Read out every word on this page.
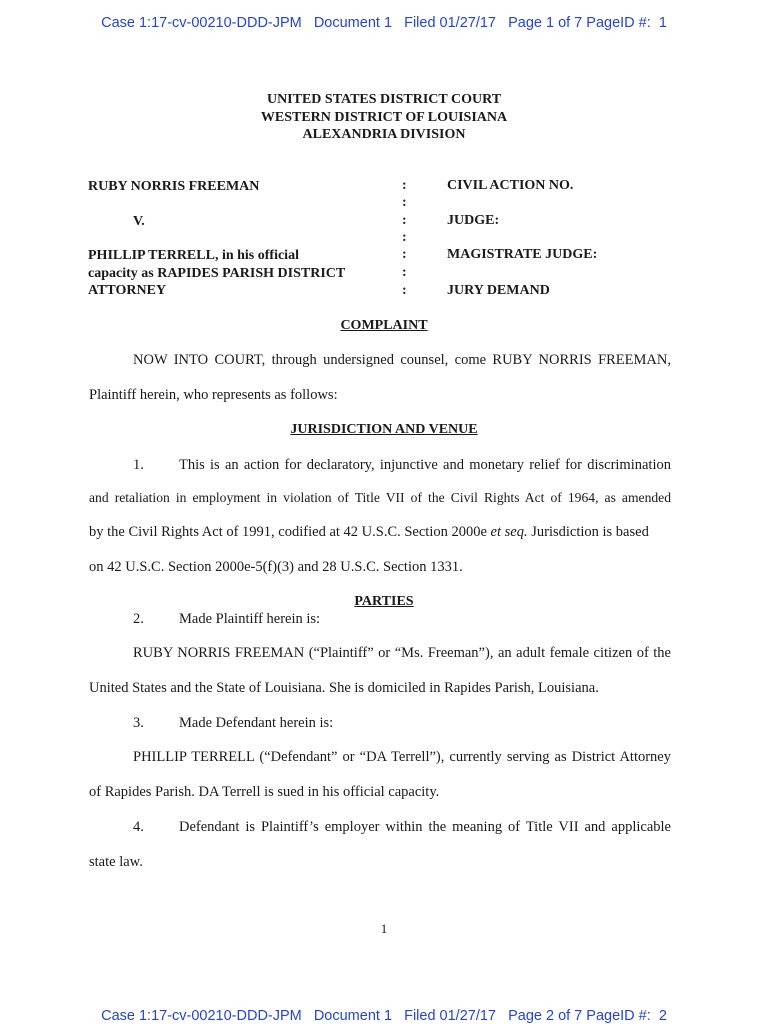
Case 1:17-cv-00210-DDD-JPM   Document 1   Filed 01/27/17   Page 1 of 7 PageID #:  1
UNITED STATES DISTRICT COURT
WESTERN DISTRICT OF LOUISIANA
ALEXANDRIA DIVISION
RUBY NORRIS FREEMAN
V.
PHILLIP TERRELL, in his official
capacity as RAPIDES PARISH DISTRICT
ATTORNEY
:
:
:
:
:
:
:
CIVIL ACTION NO.
JUDGE:
MAGISTRATE JUDGE:
JURY DEMAND
COMPLAINT
NOW INTO COURT, through undersigned counsel, come RUBY NORRIS FREEMAN,
Plaintiff herein, who represents as follows:
JURISDICTION AND VENUE
1. This is an action for declaratory, injunctive and monetary relief for discrimination
and retaliation in employment in violation of Title VII of the Civil Rights Act of 1964, as amended
by the Civil Rights Act of 1991, codified at 42 U.S.C. Section 2000e et seq. Jurisdiction is based
on 42 U.S.C. Section 2000e-5(f)(3) and 28 U.S.C. Section 1331.
PARTIES
2. Made Plaintiff herein is:
RUBY NORRIS FREEMAN (“Plaintiff” or “Ms. Freeman”), an adult female citizen of the
United States and the State of Louisiana. She is domiciled in Rapides Parish, Louisiana.
3. Made Defendant herein is:
PHILLIP TERRELL (“Defendant” or “DA Terrell”), currently serving as District Attorney
of Rapides Parish. DA Terrell is sued in his official capacity.
4. Defendant is Plaintiff’s employer within the meaning of Title VII and applicable
state law.
1
Case 1:17-cv-00210-DDD-JPM   Document 1   Filed 01/27/17   Page 2 of 7 PageID #:  2
